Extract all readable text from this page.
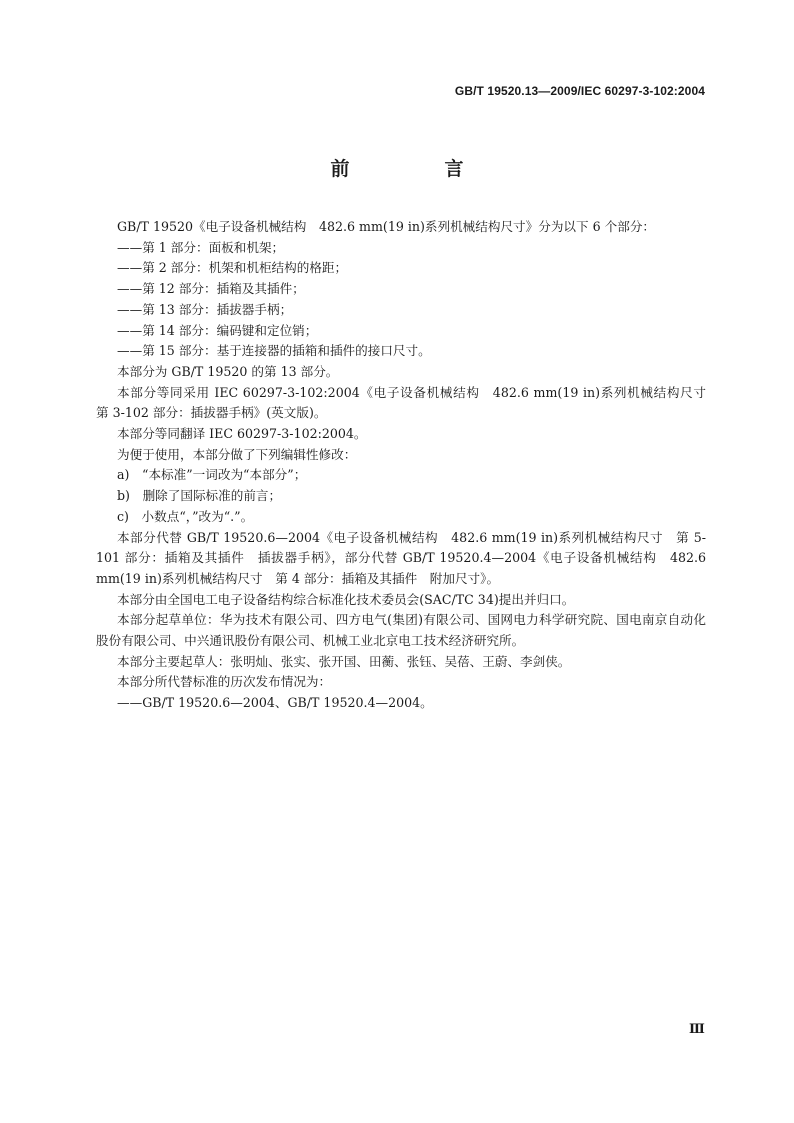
GB/T 19520.13—2009/IEC 60297-3-102:2004
前　言

GB/T 19520《电子设备机械结构　482.6 mm(19 in)系列机械结构尺寸》分为以下 6 个部分：

——第 1 部分：面板和机架；

——第 2 部分：机架和机柜结构的格距；

——第 12 部分：插箱及其插件；

——第 13 部分：插拔器手柄；

——第 14 部分：编码键和定位销；

——第 15 部分：基于连接器的插箱和插件的接口尺寸。

本部分为 GB/T 19520 的第 13 部分。

本部分等同采用 IEC 60297-3-102:2004《电子设备机械结构　482.6 mm(19 in)系列机械结构尺寸　第 3-102 部分：插拔器手柄》(英文版)。

本部分等同翻译 IEC 60297-3-102:2004。

为便于使用，本部分做了下列编辑性修改：

a)　“本标准”一词改为“本部分”；

b)　删除了国际标准的前言；

c)　小数点“，”改为“.”。

本部分代替 GB/T 19520.6—2004《电子设备机械结构　482.6 mm(19 in)系列机械结构尺寸　第 5-101 部分：插箱及其插件　插拔器手柄》，部分代替 GB/T 19520.4—2004《电子设备机械结构　482.6 mm(19 in)系列机械结构尺寸　第 4 部分：插箱及其插件　附加尺寸》。

本部分由全国电工电子设备结构综合标准化技术委员会(SAC/TC 34)提出并归口。

本部分起草单位：华为技术有限公司、四方电气(集团)有限公司、国网电力科学研究院、国电南京自动化股份有限公司、中兴通讯股份有限公司、机械工业北京电工技术经济研究所。

本部分主要起草人：张明灿、张实、张开国、田蘅、张钰、吴蓓、王蔚、李剑侠。

本部分所代替标准的历次发布情况为：

——GB/T 19520.6—2004、GB/T 19520.4—2004。

Ⅲ
